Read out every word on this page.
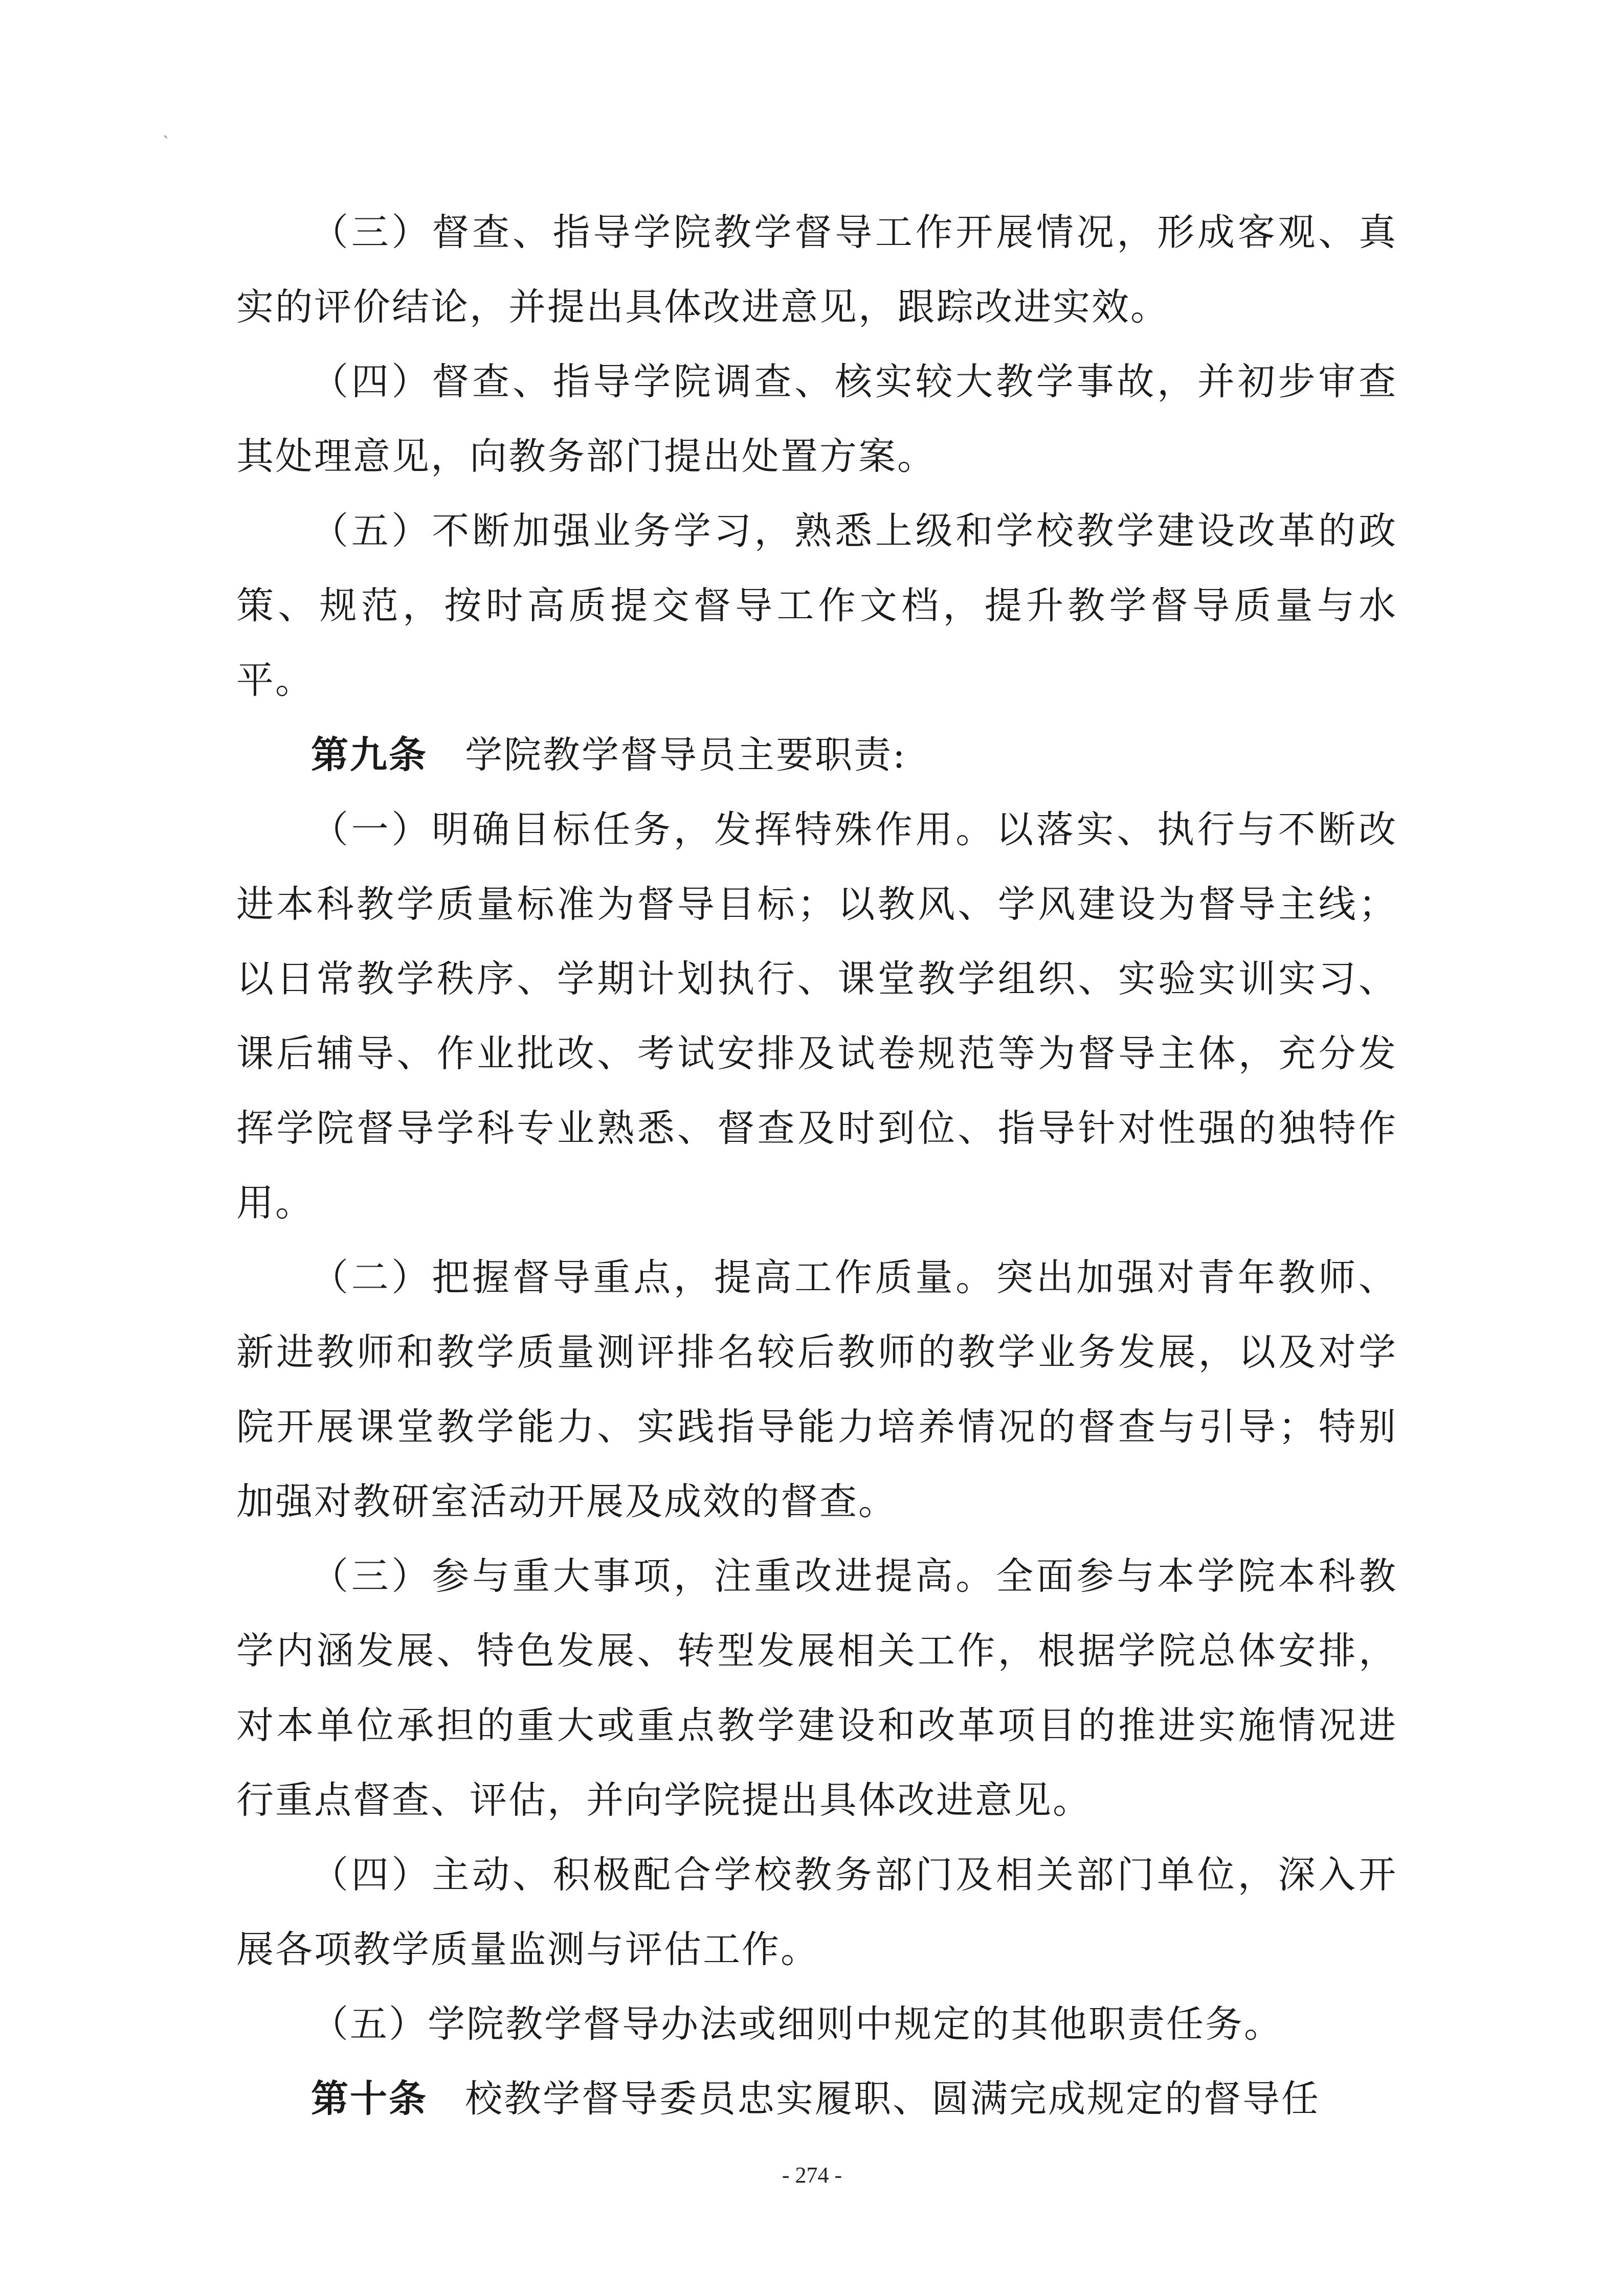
`

（三）督查、指导学院教学督导工作开展情况，形成客观、真实的评价结论，并提出具体改进意见，跟踪改进实效。

（四）督查、指导学院调查、核实较大教学事故，并初步审查其处理意见，向教务部门提出处置方案。

（五）不断加强业务学习，熟悉上级和学校教学建设改革的政策、规范，按时高质提交督导工作文档，提升教学督导质量与水平。

第九条 学院教学督导员主要职责:

（一）明确目标任务，发挥特殊作用。以落实、执行与不断改进本科教学质量标准为督导目标；以教风、学风建设为督导主线；以日常教学秩序、学期计划执行、课堂教学组织、实验实训实习、课后辅导、作业批改、考试安排及试卷规范等为督导主体，充分发挥学院督导学科专业熟悉、督查及时到位、指导针对性强的独特作用。

（二）把握督导重点，提高工作质量。突出加强对青年教师、新进教师和教学质量测评排名较后教师的教学业务发展，以及对学院开展课堂教学能力、实践指导能力培养情况的督查与引导；特别加强对教研室活动开展及成效的督查。

（三）参与重大事项，注重改进提高。全面参与本学院本科教学内涵发展、特色发展、转型发展相关工作，根据学院总体安排，对本单位承担的重大或重点教学建设和改革项目的推进实施情况进行重点督查、评估，并向学院提出具体改进意见。

（四）主动、积极配合学校教务部门及相关部门单位，深入开展各项教学质量监测与评估工作。

（五）学院教学督导办法或细则中规定的其他职责任务。

第十条 校教学督导委员忠实履职、圆满完成规定的督导任

- 274 -
